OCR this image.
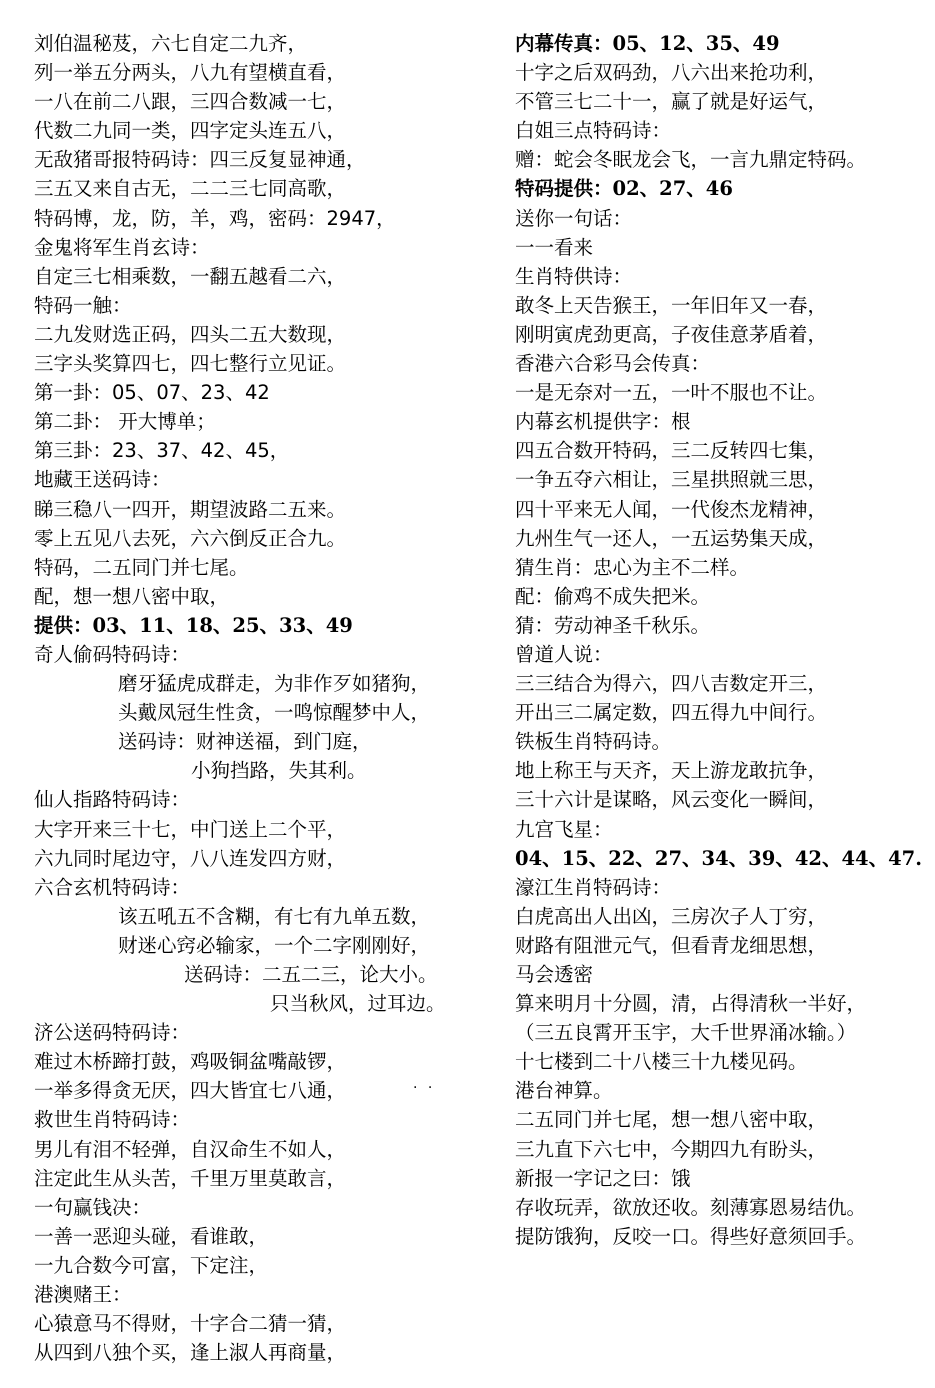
刘伯温秘芨，六七自定二九齐，
列一举五分两头，八九有望横直看，
一八在前二八跟，三四合数减一七，
代数二九同一类，四字定头连五八，
无敌猪哥报特码诗：四三反复显神通，
三五又来自古无，二二三七同高歌，
特码博，龙，防，羊，鸡，密码：2947，
金鬼将军生肖玄诗：
自定三七相乘数，一翻五越看二六，
特码一触：
二九发财选正码，四头二五大数现，
三字头奖算四七，四七整行立见证。
第一卦：05、07、23、42
第二卦： 开大博单；
第三卦：23、37、42、45，
地藏王送码诗：
睇三稳八一四开，期望波路二五来。
零上五见八去死，六六倒反正合九。
特码，二五同门并七尾。
配，想一想八密中取，
提供：03、11、18、25、33、49
奇人偷码特码诗：
磨牙猛虎成群走，为非作歹如猪狗，
头戴凤冠生性贪，一鸣惊醒梦中人，
送码诗：财神送福，到门庭，
小狗挡路，失其利。
仙人指路特码诗：
大字开来三十七，中门送上二个平，
六九同时尾边守，八八连发四方财，
六合玄机特码诗：
该五吼五不含糊，有七有九单五数，
财迷心窍必输家，一个二字刚刚好，
送码诗：二五二三，论大小。
只当秋风，过耳边。
济公送码特码诗：
难过木桥蹄打鼓，鸡吸铜盆嘴敲锣，
一举多得贪无厌，四大皆宜七八通，
救世生肖特码诗：
男儿有泪不轻弹，自汉命生不如人，
注定此生从头苦，千里万里莫敢言，
一句赢钱决：
一善一恶迎头碰，看谁敢，
一九合数今可富，下定注，
港澳赌王：
心猿意马不得财，十字合二猜一猜，
从四到八独个买，逢上淑人再商量，
内幕传真：05、12、35、49
十字之后双码劲，八六出来抢功利，
不管三七二十一，赢了就是好运气，
白姐三点特码诗：
赠：蛇会冬眠龙会飞，一言九鼎定特码。
特码提供：02、27、46
送你一句话：
一一看来
生肖特供诗：
敢冬上天告猴王，一年旧年又一春，
刚明寅虎劲更高，子夜佳意茅盾着，
香港六合彩马会传真：
一是无奈对一五，一叶不服也不让。
内幕玄机提供字：根
四五合数开特码，三二反转四七集，
一争五夺六相让，三星拱照就三思，
四十平来无人闻，一代俊杰龙精神，
九州生气一还人，一五运势集天成，
猜生肖：忠心为主不二样。
配：偷鸡不成失把米。
猜：劳动神圣千秋乐。
曾道人说：
三三结合为得六，四八吉数定开三，
开出三二属定数，四五得九中间行。
铁板生肖特码诗。
地上称王与天齐，天上游龙敢抗争，
三十六计是谋略，风云变化一瞬间，
九宫飞星：
04、15、22、27、34、39、42、44、47.
濠江生肖特码诗：
白虎高出人出凶，三房次子人丁穷，
财路有阻泄元气，但看青龙细思想，
马会透密
算来明月十分圆，清，占得清秋一半好，
（三五良霄开玉宇，大千世界涌冰输。）
十七楼到二十八楼三十九楼见码。
港台神算。
二五同门并七尾，想一想八密中取，
三九直下六七中，今期四九有盼头，
新报一字记之曰：饿
存收玩弄，欲放还收。刻薄寡恩易结仇。
提防饿狗，反咬一口。得些好意须回手。
· ·
